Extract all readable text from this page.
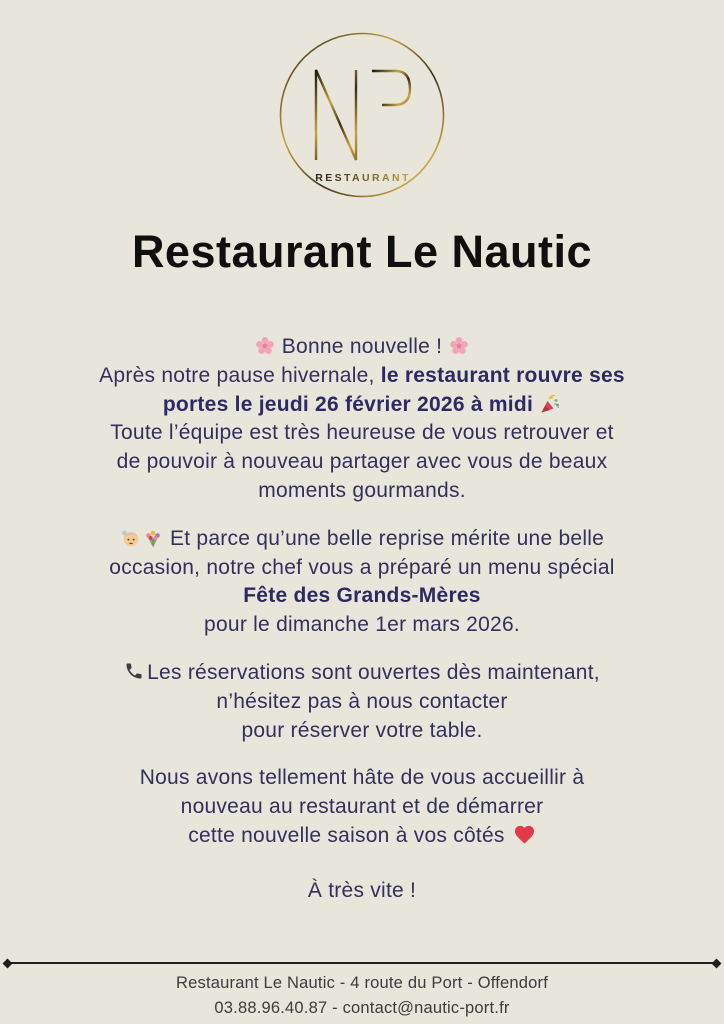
RESTAURANT
Restaurant Le Nautic

Bonne nouvelle !

Après notre pause hivernale, le restaurant rouvre ses

portes le jeudi 26 février 2026 à midi

Toute l’équipe est très heureuse de vous retrouver et

de pouvoir à nouveau partager avec vous de beaux

moments gourmands.

Et parce qu’une belle reprise mérite une belle

occasion, notre chef vous a préparé un menu spécial

Fête des Grands-Mères

pour le dimanche 1er mars 2026.

Les réservations sont ouvertes dès maintenant,

n’hésitez pas à nous contacter

pour réserver votre table.

Nous avons tellement hâte de vous accueillir à

nouveau au restaurant et de démarrer

cette nouvelle saison à vos côtés

À très vite !

Restaurant Le Nautic - 4 route du Port - Offendorf
03.88.96.40.87 - contact@nautic-port.fr
